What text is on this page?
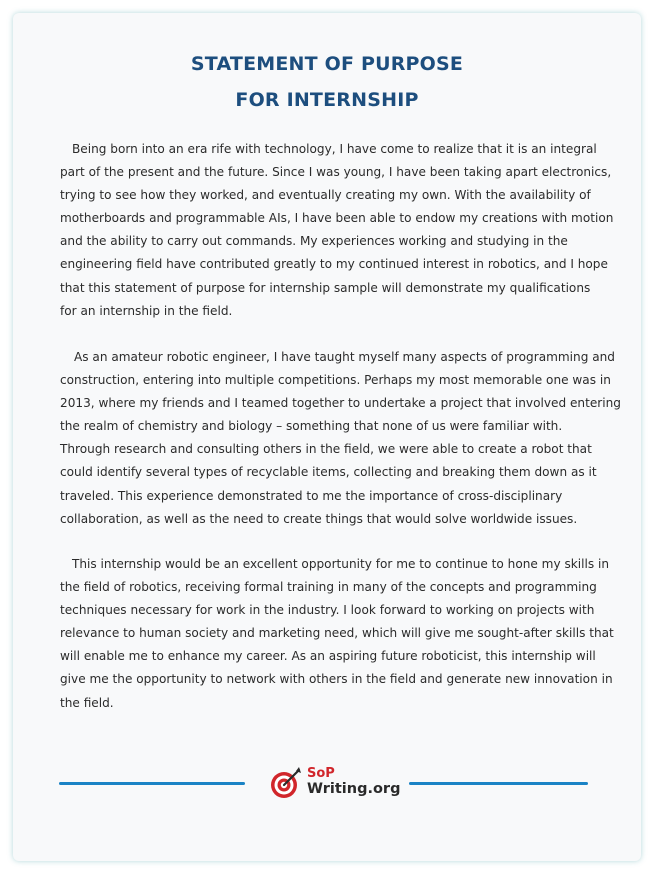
STATEMENT OF PURPOSE
FOR INTERNSHIP
Being born into an era rife with technology, I have come to realize that it is an integral
part of the present and the future. Since I was young, I have been taking apart electronics,
trying to see how they worked, and eventually creating my own. With the availability of
motherboards and programmable AIs, I have been able to endow my creations with motion
and the ability to carry out commands. My experiences working and studying in the
engineering field have contributed greatly to my continued interest in robotics, and I hope
that this statement of purpose for internship sample will demonstrate my qualifications
for an internship in the field.
As an amateur robotic engineer, I have taught myself many aspects of programming and
construction, entering into multiple competitions. Perhaps my most memorable one was in
2013, where my friends and I teamed together to undertake a project that involved entering
the realm of chemistry and biology – something that none of us were familiar with.
Through research and consulting others in the field, we were able to create a robot that
could identify several types of recyclable items, collecting and breaking them down as it
traveled. This experience demonstrated to me the importance of cross-disciplinary
collaboration, as well as the need to create things that would solve worldwide issues.
This internship would be an excellent opportunity for me to continue to hone my skills in
the field of robotics, receiving formal training in many of the concepts and programming
techniques necessary for work in the industry. I look forward to working on projects with
relevance to human society and marketing need, which will give me sought-after skills that
will enable me to enhance my career. As an aspiring future roboticist, this internship will
give me the opportunity to network with others in the field and generate new innovation in
the field.
SoP
Writing.org
